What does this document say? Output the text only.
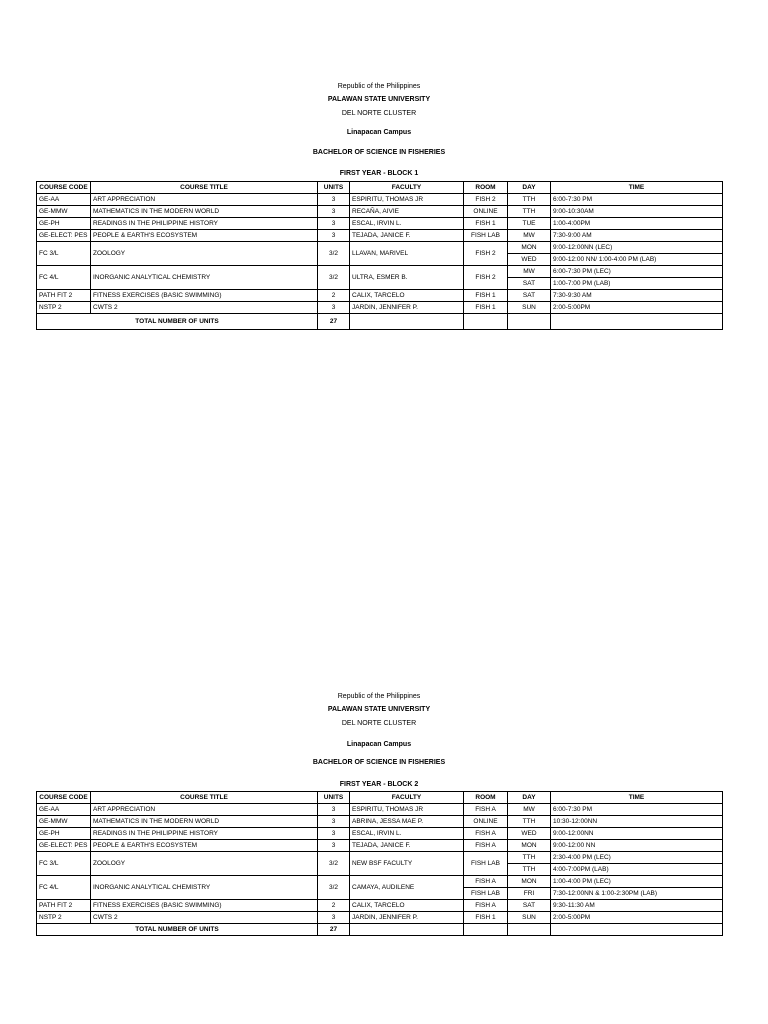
Republic of the Philippines
PALAWAN STATE UNIVERSITY
DEL NORTE CLUSTER
Linapacan Campus
BACHELOR OF SCIENCE IN FISHERIES
FIRST YEAR - BLOCK 1
COURSE CODE	COURSE TITLE	UNITS	FACULTY	ROOM	DAY	TIME
GE-AA	ART APPRECIATION	3	ESPIRITU, THOMAS JR	FISH 2	TTH	6:00-7:30 PM
GE-MMW	MATHEMATICS IN THE MODERN WORLD	3	RECAÑA, AIVIE	ONLINE	TTH	9:00-10:30AM
GE-PH	READINGS IN THE PHILIPPINE HISTORY	3	ESCAL, IRVIN L.	FISH 1	TUE	1:00-4:00PM
GE-ELECT: PES	PEOPLE & EARTH'S ECOSYSTEM	3	TEJADA, JANICE F.	FISH LAB	MW	7:30-9:00 AM
FC 3/L	ZOOLOGY	3/2	LLAVAN, MARIVEL	FISH 2	MON	9:00-12:00NN (LEC)
					WED	9:00-12:00 NN/ 1:00-4:00 PM (LAB)
FC 4/L	INORGANIC ANALYTICAL CHEMISTRY	3/2	ULTRA, ESMER B.	FISH 2	MW	6:00-7:30 PM (LEC)
					SAT	1:00-7:00 PM (LAB)
PATH FIT 2	FITNESS EXERCISES (BASIC SWIMMING)	2	CALIX, TARCELO	FISH 1	SAT	7:30-9:30 AM
NSTP 2	CWTS 2	3	JARDIN, JENNIFER P.	FISH 1	SUN	2:00-5:00PM
TOTAL NUMBER OF UNITS		27				
Republic of the Philippines
PALAWAN STATE UNIVERSITY
DEL NORTE CLUSTER
Linapacan Campus
BACHELOR OF SCIENCE IN FISHERIES
FIRST YEAR - BLOCK 2
COURSE CODE	COURSE TITLE	UNITS	FACULTY	ROOM	DAY	TIME
GE-AA	ART APPRECIATION	3	ESPIRITU, THOMAS JR	FISH A	MW	6:00-7:30 PM
GE-MMW	MATHEMATICS IN THE MODERN WORLD	3	ABRINA, JESSA MAE P.	ONLINE	TTH	10:30-12:00NN
GE-PH	READINGS IN THE PHILIPPINE HISTORY	3	ESCAL, IRVIN L.	FISH A	WED	9:00-12:00NN
GE-ELECT: PES	PEOPLE & EARTH'S ECOSYSTEM	3	TEJADA, JANICE F.	FISH A	MON	9:00-12:00 NN
FC 3/L	ZOOLOGY	3/2	NEW BSF FACULTY	FISH LAB	TTH	2:30-4:00 PM (LEC)
					TTH	4:00-7:00PM (LAB)
FC 4/L	INORGANIC ANALYTICAL CHEMISTRY	3/2	CAMAYA, AUDILENE	FISH A	MON	1:00-4:00 PM (LEC)
				FISH LAB	FRI	7:30-12:00NN & 1:00-2:30PM (LAB)
PATH FIT 2	FITNESS EXERCISES (BASIC SWIMMING)	2	CALIX, TARCELO	FISH A	SAT	9:30-11:30 AM
NSTP 2	CWTS 2	3	JARDIN, JENNIFER P.	FISH 1	SUN	2:00-5:00PM
TOTAL NUMBER OF UNITS		27				
